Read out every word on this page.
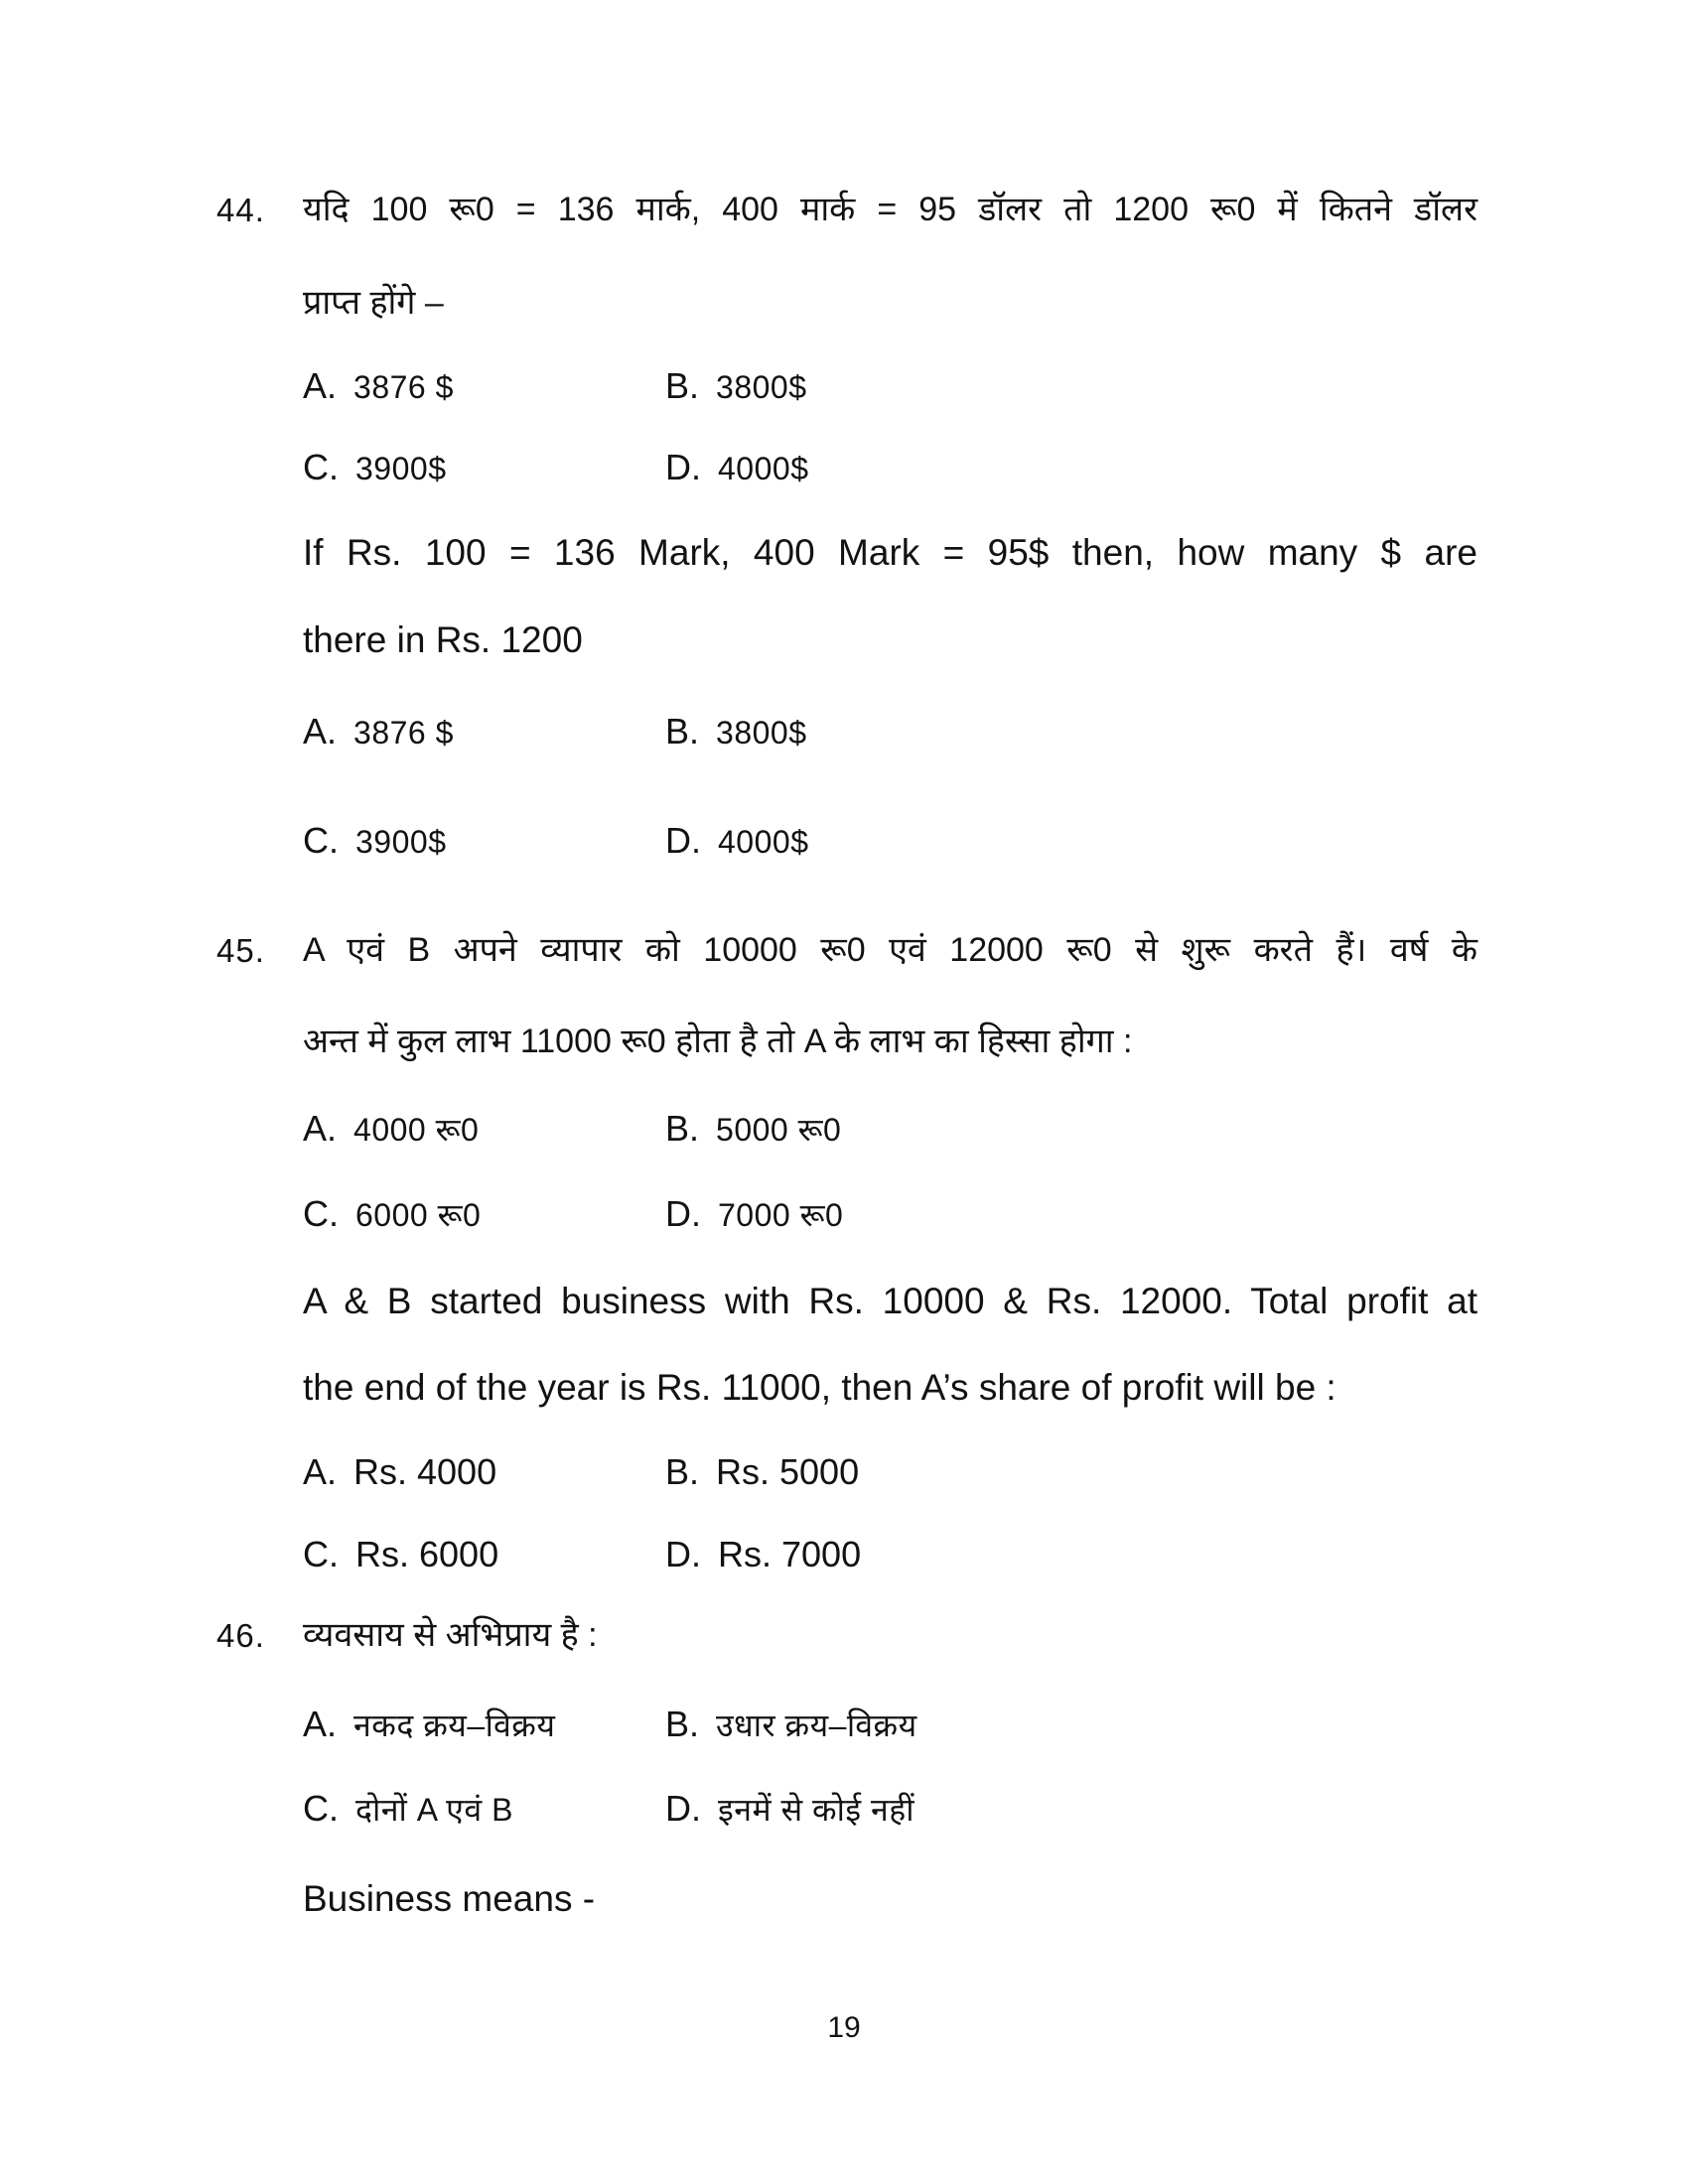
44.	यदि 100 रू0 = 136 मार्क, 400 मार्क = 95 डॉलर तो 1200 रू0 में कितने डॉलर
प्राप्त होंगे –
A. 3876 $	B. 3800$
C. 3900$	D. 4000$
If Rs. 100 = 136 Mark, 400 Mark = 95$ then, how many $ are
there in Rs. 1200
A. 3876 $	B. 3800$
C. 3900$	D. 4000$
45.	A एवं B अपने व्यापार को 10000 रू0 एवं 12000 रू0 से शुरू करते हैं। वर्ष के
अन्त में कुल लाभ 11000 रू0 होता है तो A के लाभ का हिस्सा होगा :
A. 4000 रू0	B. 5000 रू0
C. 6000 रू0	D. 7000 रू0
A & B started business with Rs. 10000 & Rs. 12000. Total profit at
the end of the year is Rs. 11000, then A’s share of profit will be :
A. Rs. 4000	B. Rs. 5000
C. Rs. 6000	D. Rs. 7000
46.	व्यवसाय से अभिप्राय है :
A. नकद क्रय–विक्रय	B. उधार क्रय–विक्रय
C. दोनों A एवं B	D. इनमें से कोई नहीं
Business means -
19
